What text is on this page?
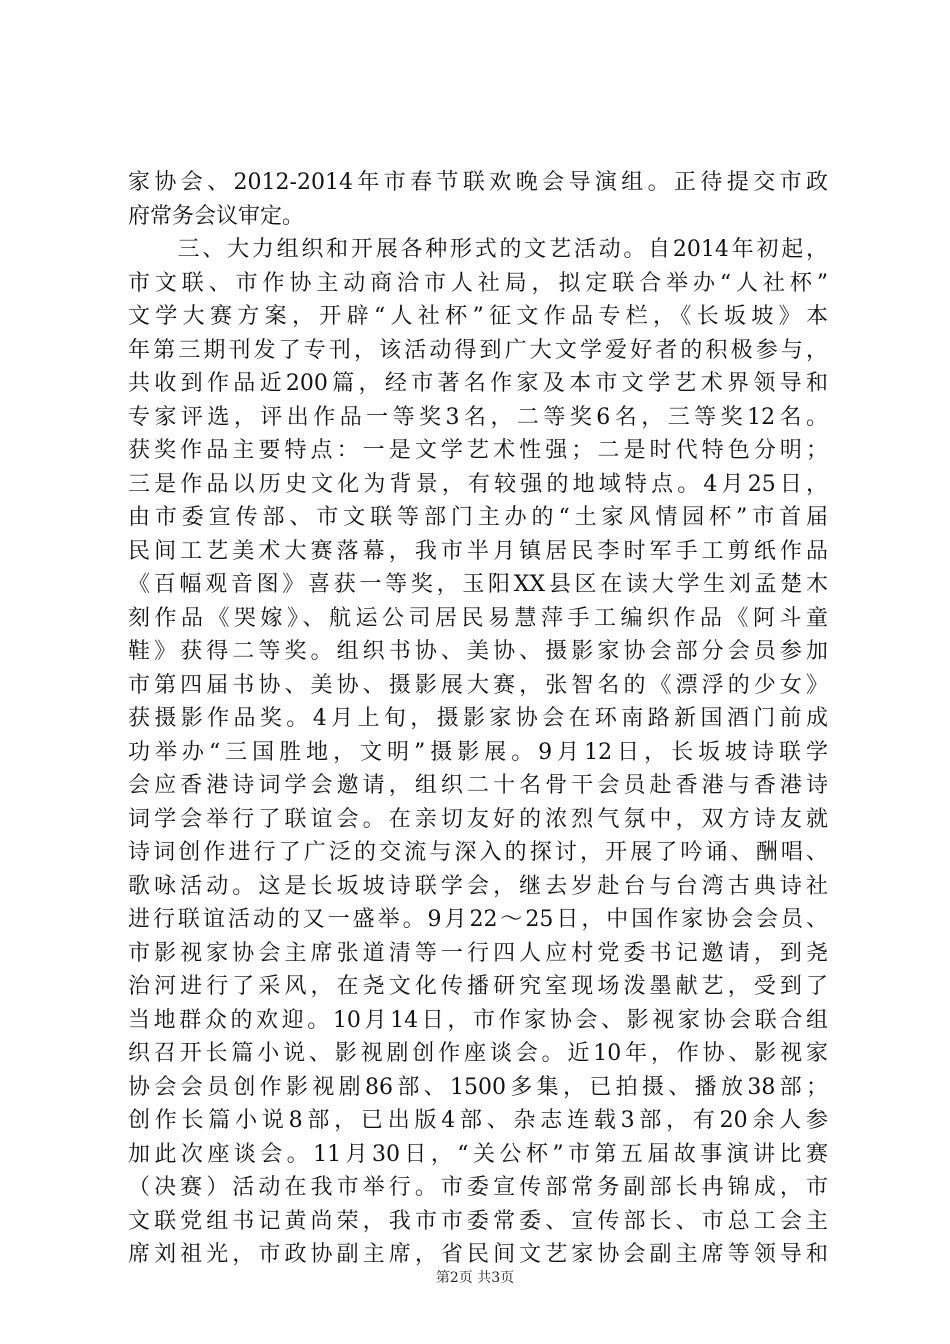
家协会、2012-2014年市春节联欢晚会导演组。正待提交市政
府常务会议审定。
　　三、大力组织和开展各种形式的文艺活动。自2014年初起，
市文联、市作协主动商洽市人社局，拟定联合举办“人社杯”
文学大赛方案，开辟“人社杯”征文作品专栏，《长坂坡》本
年第三期刊发了专刊，该活动得到广大文学爱好者的积极参与，
共收到作品近200篇，经市著名作家及本市文学艺术界领导和
专家评选，评出作品一等奖3名，二等奖6名，三等奖12名。
获奖作品主要特点：一是文学艺术性强；二是时代特色分明；
三是作品以历史文化为背景，有较强的地域特点。4月25日，
由市委宣传部、市文联等部门主办的“土家风情园杯”市首届
民间工艺美术大赛落幕，我市半月镇居民李时军手工剪纸作品
《百幅观音图》喜获一等奖，玉阳XX县区在读大学生刘孟楚木
刻作品《哭嫁》、航运公司居民易慧萍手工编织作品《阿斗童
鞋》获得二等奖。组织书协、美协、摄影家协会部分会员参加
市第四届书协、美协、摄影展大赛，张智名的《漂浮的少女》
获摄影作品奖。4月上旬，摄影家协会在环南路新国酒门前成
功举办“三国胜地，文明”摄影展。9月12日，长坂坡诗联学
会应香港诗词学会邀请，组织二十名骨干会员赴香港与香港诗
词学会举行了联谊会。在亲切友好的浓烈气氛中，双方诗友就
诗词创作进行了广泛的交流与深入的探讨，开展了吟诵、酬唱、
歌咏活动。这是长坂坡诗联学会，继去岁赴台与台湾古典诗社
进行联谊活动的又一盛举。9月22～25日，中国作家协会会员、
市影视家协会主席张道清等一行四人应村党委书记邀请，到尧
治河进行了采风，在尧文化传播研究室现场泼墨献艺，受到了
当地群众的欢迎。10月14日，市作家协会、影视家协会联合组
织召开长篇小说、影视剧创作座谈会。近10年，作协、影视家
协会会员创作影视剧86部、1500多集，已拍摄、播放38部；
创作长篇小说8部，已出版4部、杂志连载3部，有20余人参
加此次座谈会。11月30日，“关公杯”市第五届故事演讲比赛
（决赛）活动在我市举行。市委宣传部常务副部长冉锦成，市
文联党组书记黄尚荣，我市市委常委、宣传部长、市总工会主
席刘祖光，市政协副主席，省民间文艺家协会副主席等领导和
第2页 共3页
